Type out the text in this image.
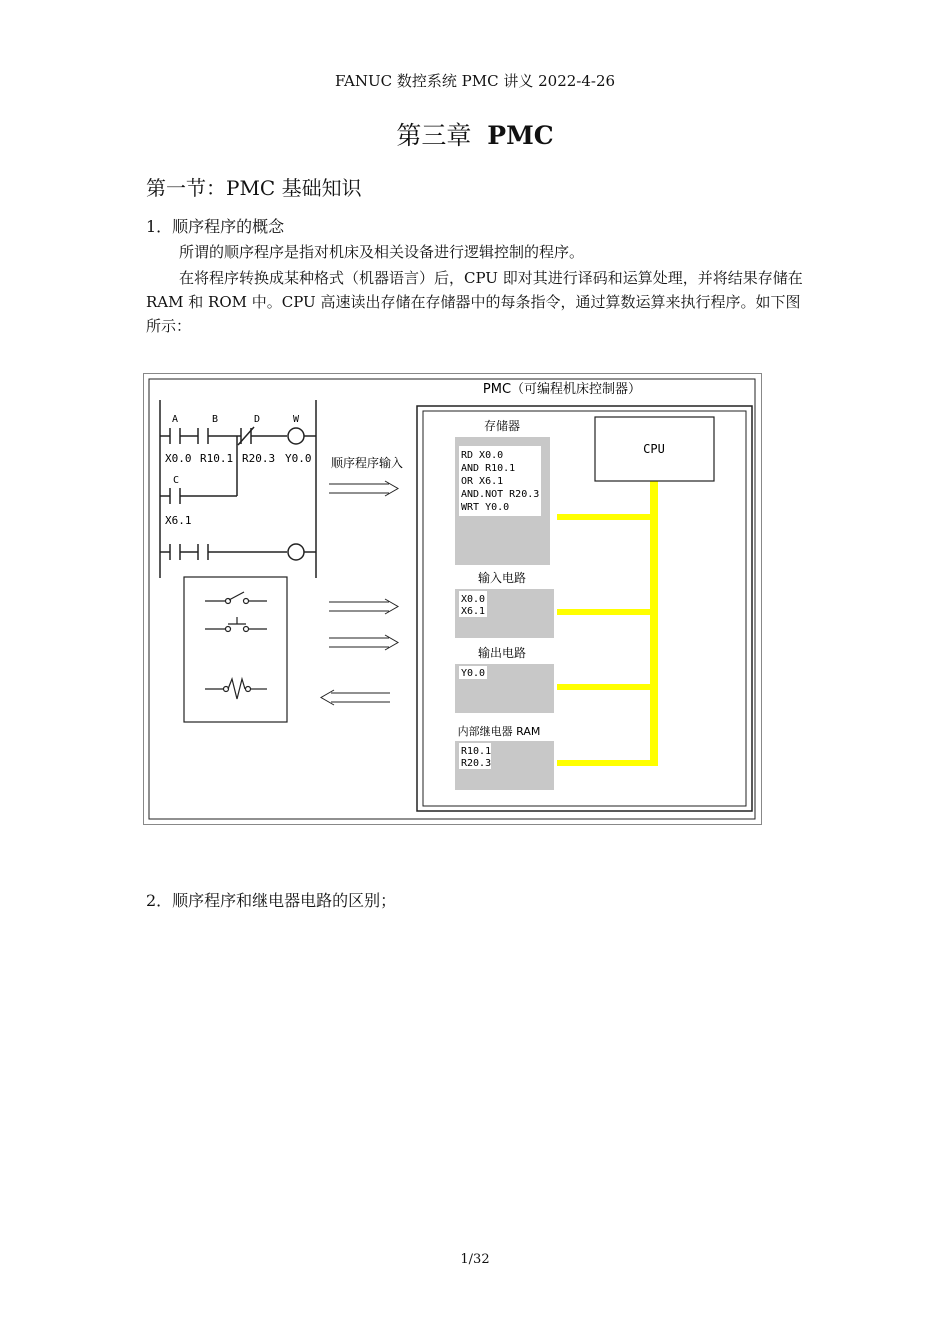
FANUC 数控系统 PMC 讲义 2022-4-26
第三章 PMC
第一节：PMC 基础知识
1．顺序程序的概念
所谓的顺序程序是指对机床及相关设备进行逻辑控制的程序。
在将程序转换成某种格式（机器语言）后，CPU 即对其进行译码和运算处理，并将结果存储在 RAM 和 ROM 中。CPU 高速读出存储在存储器中的每条指令，通过算数运算来执行程序。如下图所示：
PMC（可编程机床控制器）
A	B	D	W
X0.0 R10.1 R20.3 Y0.0
C
X6.1
顺序程序输入
存储器
RD X0.0
AND R10.1
OR X6.1
AND.NOT R20.3
WRT Y0.0
CPU
输入电路
X0.0
X6.1
输出电路
Y0.0
内部继电器 RAM
R10.1
R20.3
2．顺序程序和继电器电路的区别；
1/32
